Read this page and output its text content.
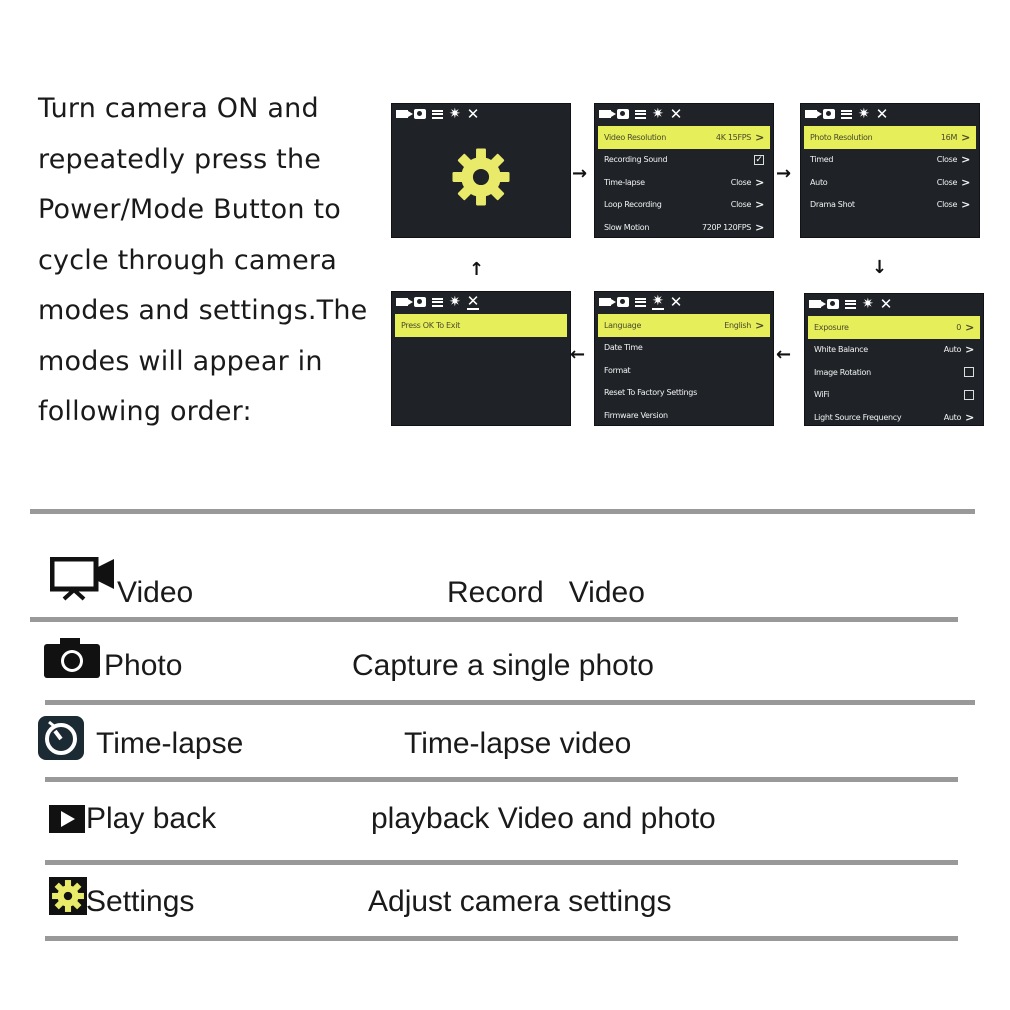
Turn camera ON and
repeatedly press the
Power/Mode Button to
cycle through camera
modes and settings.The
modes will appear in
following order:
✷ ✕	✷ ✕
Video Resolution	4K 15FPS >
Recording Sound	✓
Time-lapse	Close >
Loop Recording	Close >
Slow Motion	720P 120FPS >
✷ ✕
Photo Resolution	16M >
Timed	Close >
Auto	Close >
Drama Shot	Close >
✷ ✕
Press OK To Exit
✷ ✕
Language	English >
Date Time
Format
Reset To Factory Settings
Firmware Version
✷ ✕
Exposure	0 >
White Balance	Auto >
Image Rotation
WiFi
Light Source Frequency	Auto >
→	→
↓
←
←
↑
Video	Record   Video
Photo	Capture a single photo
Time-lapse	Time-lapse video
Play back	playback Video and photo
Settings	Adjust camera settings
